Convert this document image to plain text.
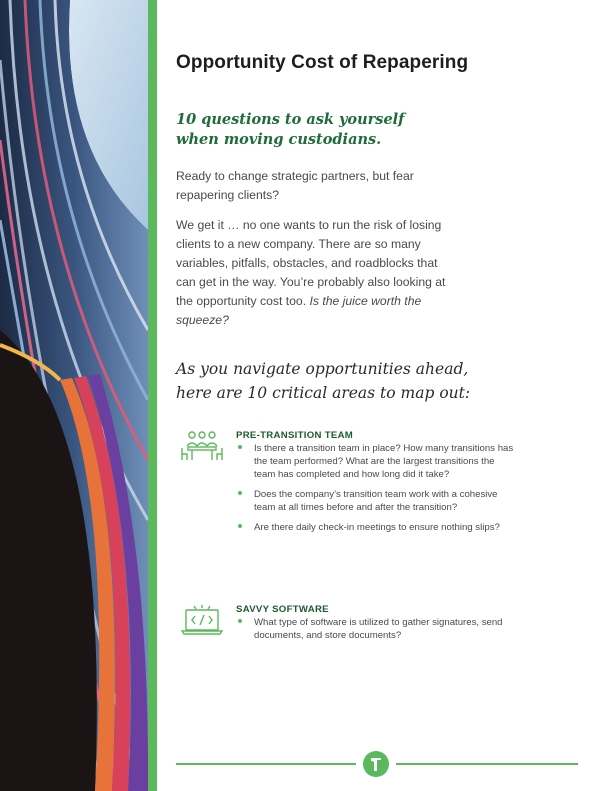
Opportunity Cost of Repapering

10 questions to ask yourself when moving custodians.

Ready to change strategic partners, but fear repapering clients?

We get it … no one wants to run the risk of losing clients to a new company. There are so many variables, pitfalls, obstacles, and roadblocks that can get in the way. You’re probably also looking at the opportunity cost too. Is the juice worth the squeeze?

As you navigate opportunities ahead, here are 10 critical areas to map out:

PRE-TRANSITION TEAM

Is there a transition team in place? How many transitions has the team performed? What are the largest transitions the team has completed and how long did it take?
Does the company’s transition team work with a cohesive team at all times before and after the transition?
Are there daily check-in meetings to ensure nothing slips?

SAVVY SOFTWARE

What type of software is utilized to gather signatures, send documents, and store documents?
